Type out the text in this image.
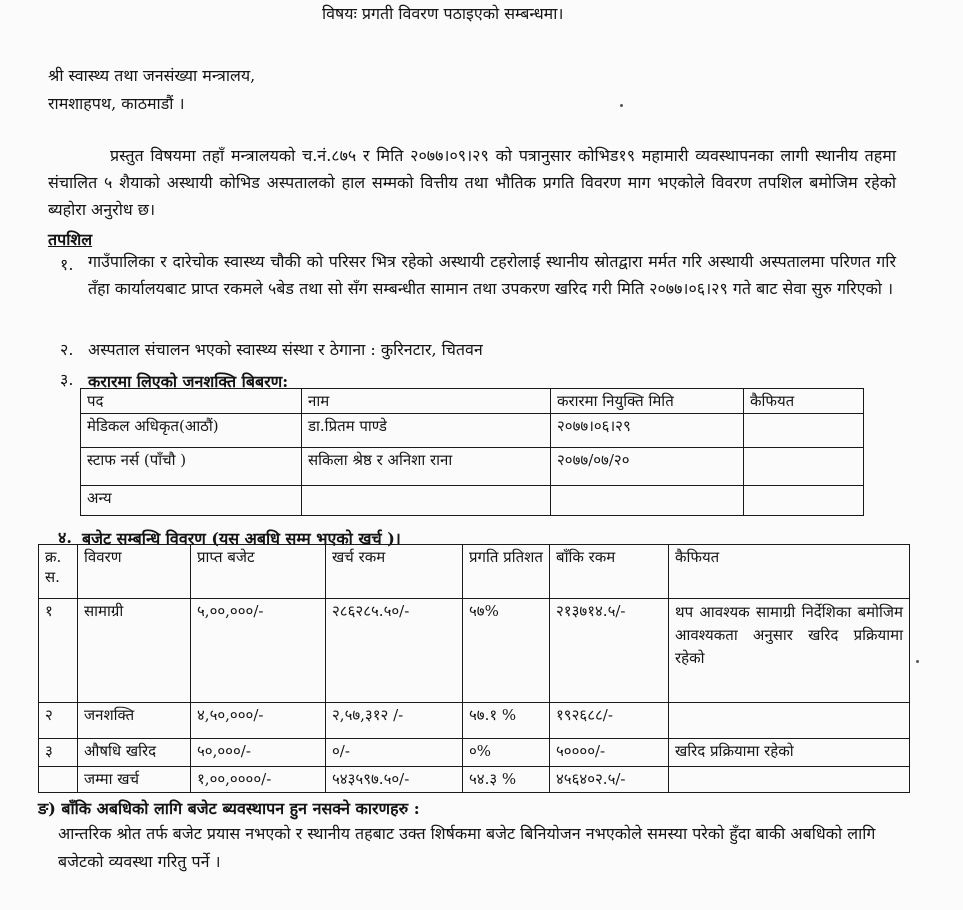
विषयः प्रगती विवरण पठाइएको सम्बन्धमा।
श्री स्वास्थ्य तथा जनसंख्या मन्त्रालय,
रामशाहपथ, काठमाडौं ।

प्रस्तुत विषयमा तहाँ मन्त्रालयको च.नं.८७५ र मिति २०७७।०९।२९ को पत्रानुसार कोभिड१९ महामारी व्यवस्थापनका लागी स्थानीय तहमा संचालित ५ शैयाको अस्थायी कोभिड अस्पतालको हाल सम्मको वित्तीय तथा भौतिक प्रगति विवरण माग भएकोले विवरण तपशिल बमोजिम रहेको ब्यहोरा अनुरोध छ।

तपशिल
१. गाउँपालिका र दारेचोक स्वास्थ्य चौकी को परिसर भित्र रहेको अस्थायी टहरोलाई स्थानीय स्रोतद्वारा मर्मत गरि अस्थायी अस्पतालमा परिणत गरि तँहा कार्यालयबाट प्राप्त रकमले ५बेड तथा सो सँग सम्बन्धीत सामान तथा उपकरण खरिद गरी मिति २०७७।०६।२९ गते बाट सेवा सुरु गरिएको ।
२. अस्पताल संचालन भएको स्वास्थ्य संस्था र ठेगाना : कुरिनटार, चितवन
३. करारमा लिएको जनशक्ति बिबरण:
पद	नाम	करारमा नियुक्ति मिति	कैफियत
मेडिकल अधिकृत(आठौं)	डा.प्रितम पाण्डे	२०७७।०६।२९	
स्टाफ नर्स (पाँचौ )	सकिला श्रेष्ठ र अनिशा राना	२०७७/०७/२०	
अन्य			
४. बजेट सम्बन्धि विवरण (यस अबधि सम्म भएको खर्च )।
क्र. स.	विवरण	प्राप्त बजेट	खर्च रकम	प्रगति प्रतिशत	बाँकि रकम	कैफियत
१	सामाग्री	५,००,०००/-	२८६२८५.५०/-	५७%	२१३७१४.५/-	थप आवश्यक सामाग्री निर्देशिका बमोजिम आवश्यकता अनुसार खरिद प्रक्रियामा रहेको
२	जनशक्ति	४,५०,०००/-	२,५७,३१२ /-	५७.१ %	१९२६८८/-	
३	औषधि खरिद	५०,०००/-	०/-	०%	५००००/-	खरिद प्रक्रियामा रहेको
	जम्मा खर्च	१,००,००००/-	५४३५९७.५०/-	५४.३ %	४५६४०२.५/-	
ङ) बाँकि अबधिको लागि बजेट ब्यवस्थापन हुन नसक्ने कारणहरु :
आन्तरिक श्रोत तर्फ बजेट प्रयास नभएको र स्थानीय तहबाट उक्त शिर्षकमा बजेट बिनियोजन नभएकोले समस्या परेको हुँदा बाकी अबधिको लागि बजेटको व्यवस्था गरितु पर्ने ।
